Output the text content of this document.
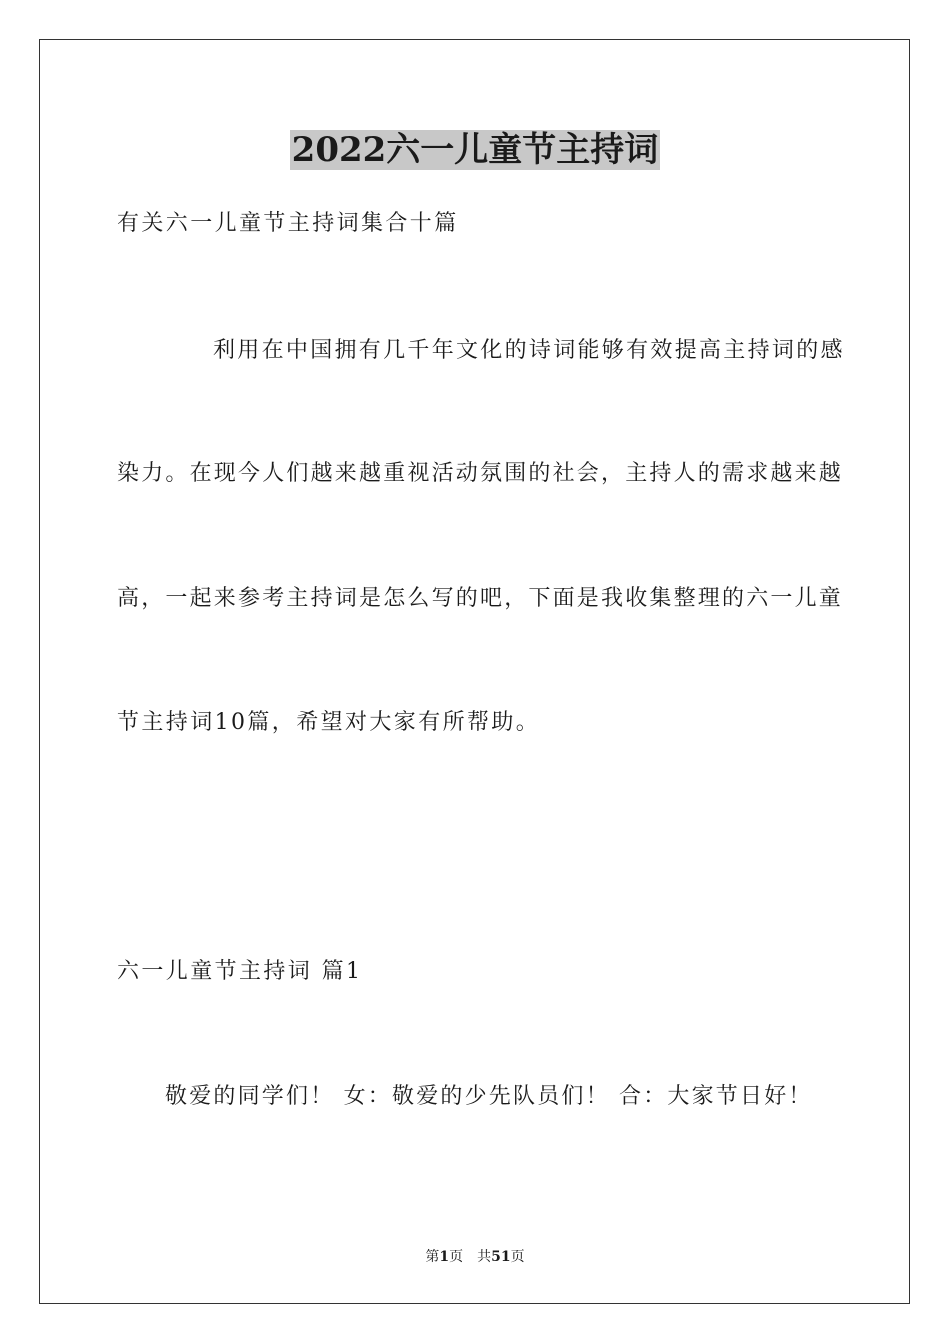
2022六一儿童节主持词
有关六一儿童节主持词集合十篇
利用在中国拥有几千年文化的诗词能够有效提高主持词的感
染力。在现今人们越来越重视活动氛围的社会，主持人的需求越来越
高，一起来参考主持词是怎么写的吧，下面是我收集整理的六一儿童
节主持词10篇，希望对大家有所帮助。
六一儿童节主持词 篇1
敬爱的同学们！ 女：敬爱的少先队员们！ 合：大家节日好！
第1页 共51页
